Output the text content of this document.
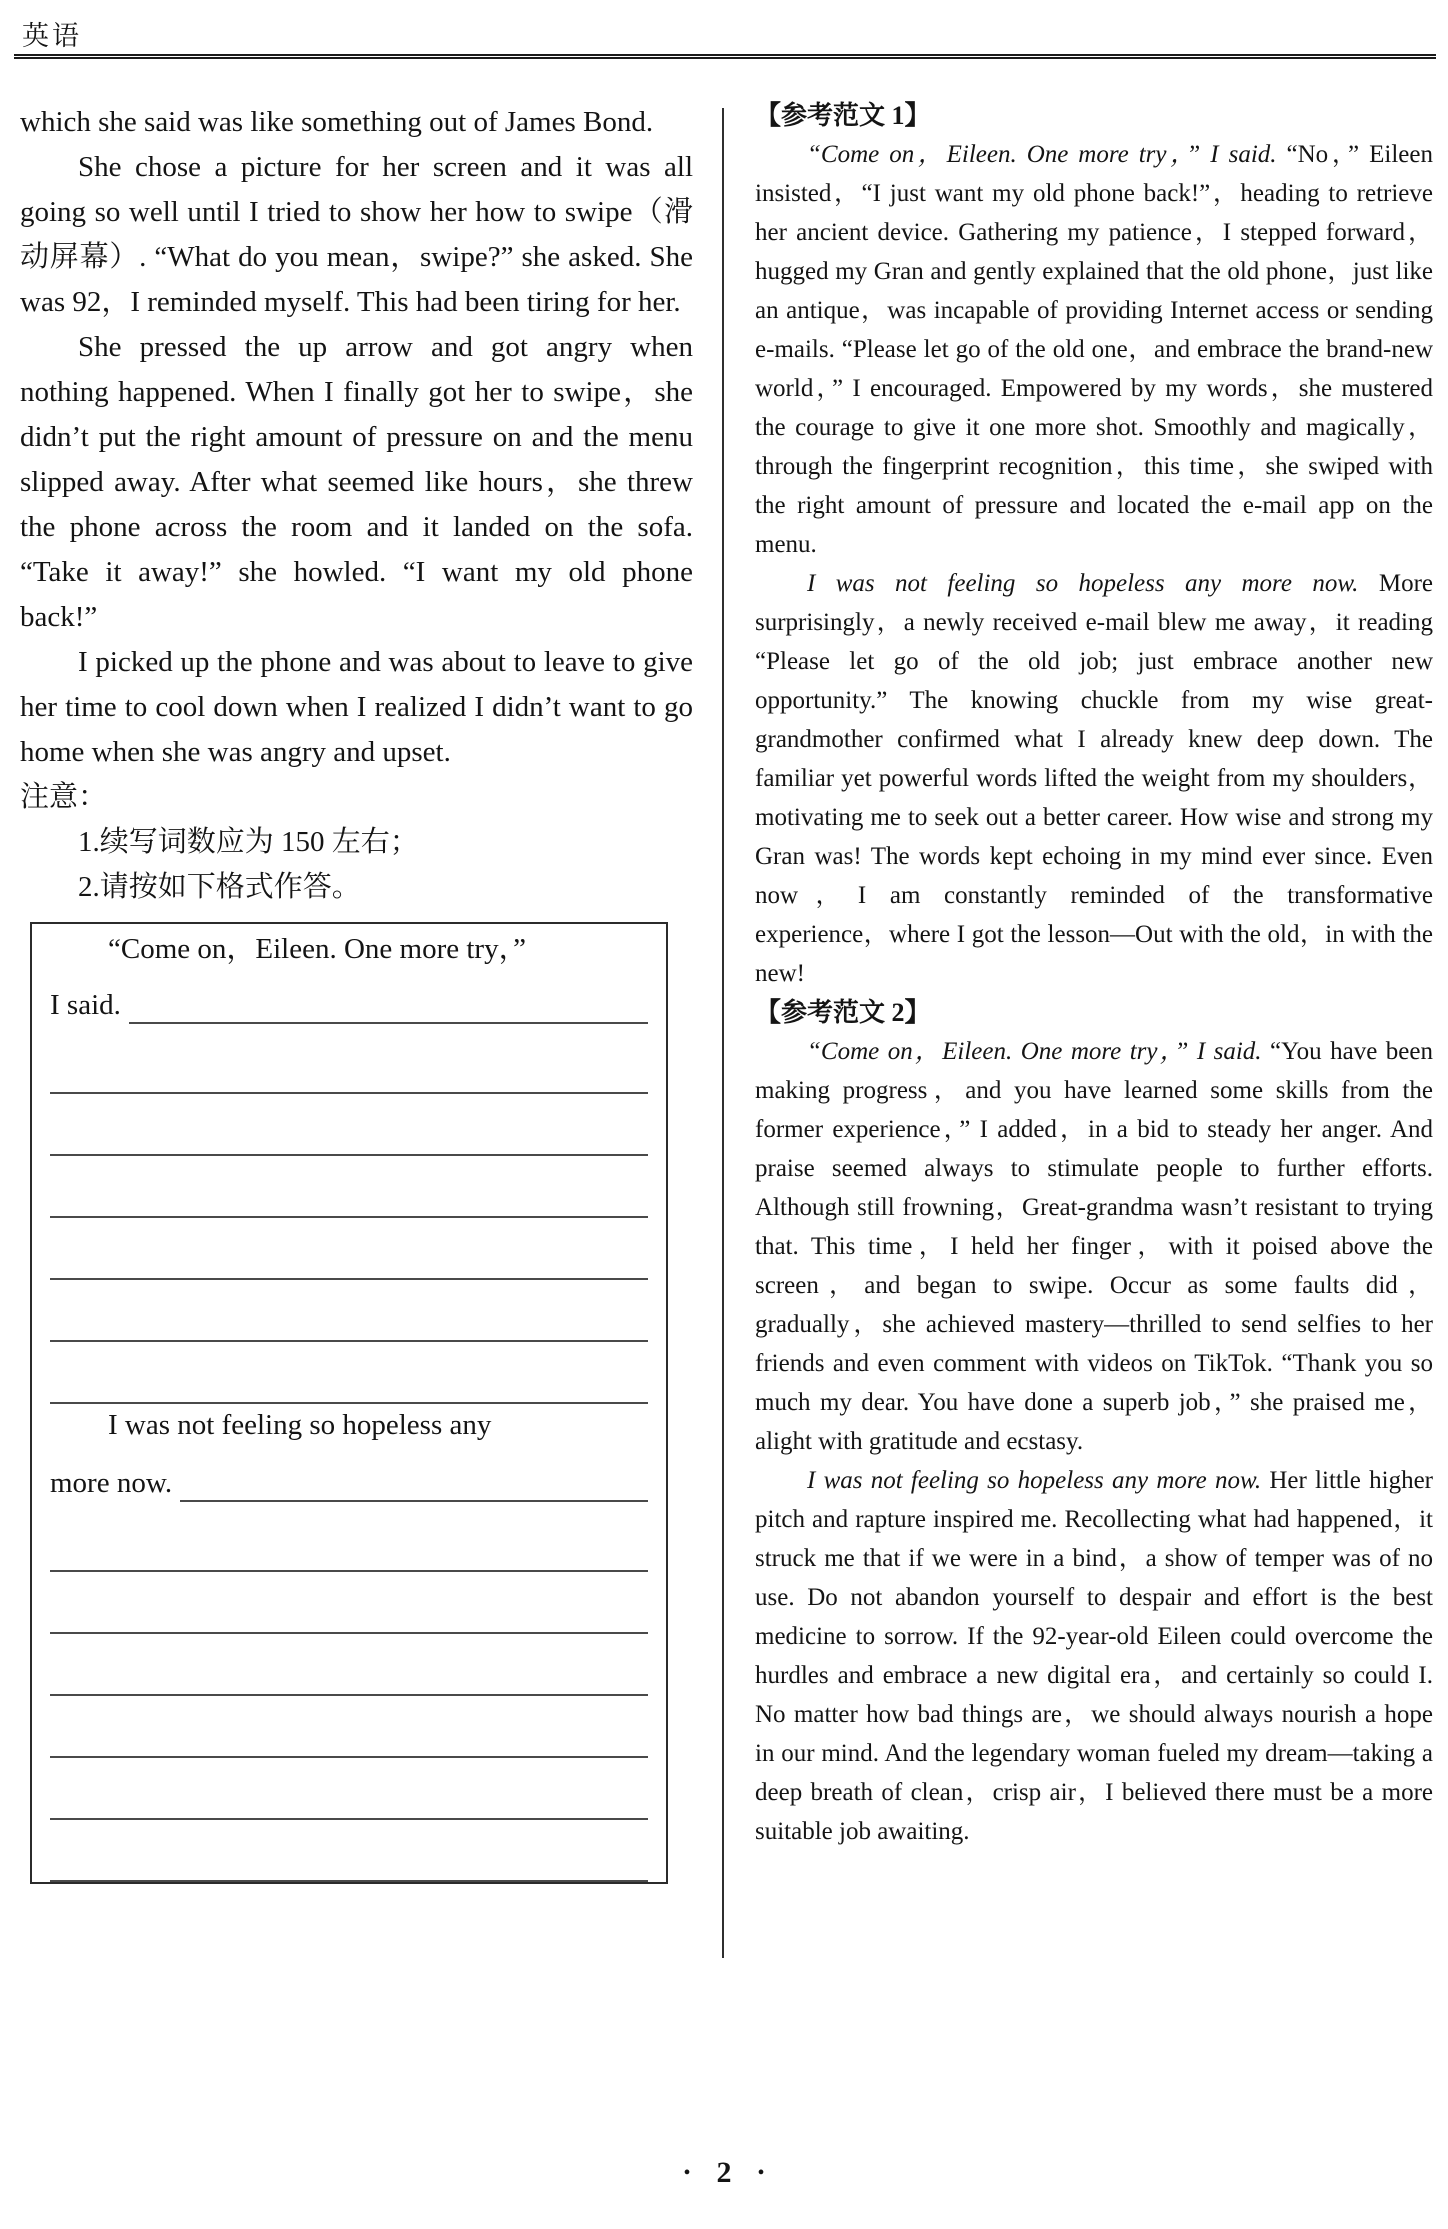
英语

which she said was like something out of James Bond.

She chose a picture for her screen and it was all going so well until I tried to show her how to swipe（滑动屏幕）. “What do you mean，swipe?” she asked. She was 92，I reminded myself. This had been tiring for her.

She pressed the up arrow and got angry when nothing happened. When I finally got her to swipe，she didn’t put the right amount of pressure on and the menu slipped away. After what seemed like hours，she threw the phone across the room and it landed on the sofa. “Take it away!” she howled. “I want my old phone back!”

I picked up the phone and was about to leave to give her time to cool down when I realized I didn’t want to go home when she was angry and upset.

注意：

1.续写词数应为 150 左右；

2.请按如下格式作答。

“Come on，Eileen. One more try，”
I said.
I was not feeling so hopeless any
more now.

【参考范文 1】

“Come on，Eileen. One more try，” I said. “No，” Eileen insisted，“I just want my old phone back!”，heading to retrieve her ancient device. Gathering my patience，I stepped forward，hugged my Gran and gently explained that the old phone，just like an antique，was incapable of providing Internet access or sending e-mails. “Please let go of the old one，and embrace the brand-new world，” I encouraged. Empowered by my words，she mustered the courage to give it one more shot. Smoothly and magically，through the fingerprint recognition，this time，she swiped with the right amount of pressure and located the e-mail app on the menu.

I was not feeling so hopeless any more now. More surprisingly，a newly received e-mail blew me away，it reading “Please let go of the old job; just embrace another new opportunity.” The knowing chuckle from my wise great-grandmother confirmed what I already knew deep down. The familiar yet powerful words lifted the weight from my shoulders，motivating me to seek out a better career. How wise and strong my Gran was! The words kept echoing in my mind ever since. Even now，I am constantly reminded of the transformative experience，where I got the lesson—Out with the old，in with the new!

【参考范文 2】

“Come on，Eileen. One more try，” I said. “You have been making progress，and you have learned some skills from the former experience，” I added，in a bid to steady her anger. And praise seemed always to stimulate people to further efforts. Although still frowning，Great-grandma wasn’t resistant to trying that. This time，I held her finger，with it poised above the screen，and began to swipe. Occur as some faults did，gradually，she achieved mastery—thrilled to send selfies to her friends and even comment with videos on TikTok. “Thank you so much my dear. You have done a superb job，” she praised me，alight with gratitude and ecstasy.

I was not feeling so hopeless any more now. Her little higher pitch and rapture inspired me. Recollecting what had happened，it struck me that if we were in a bind，a show of temper was of no use. Do not abandon yourself to despair and effort is the best medicine to sorrow. If the 92-year-old Eileen could overcome the hurdles and embrace a new digital era，and certainly so could I. No matter how bad things are，we should always nourish a hope in our mind. And the legendary woman fueled my dream—taking a deep breath of clean，crisp air，I believed there must be a more suitable job awaiting.

• 2 •
